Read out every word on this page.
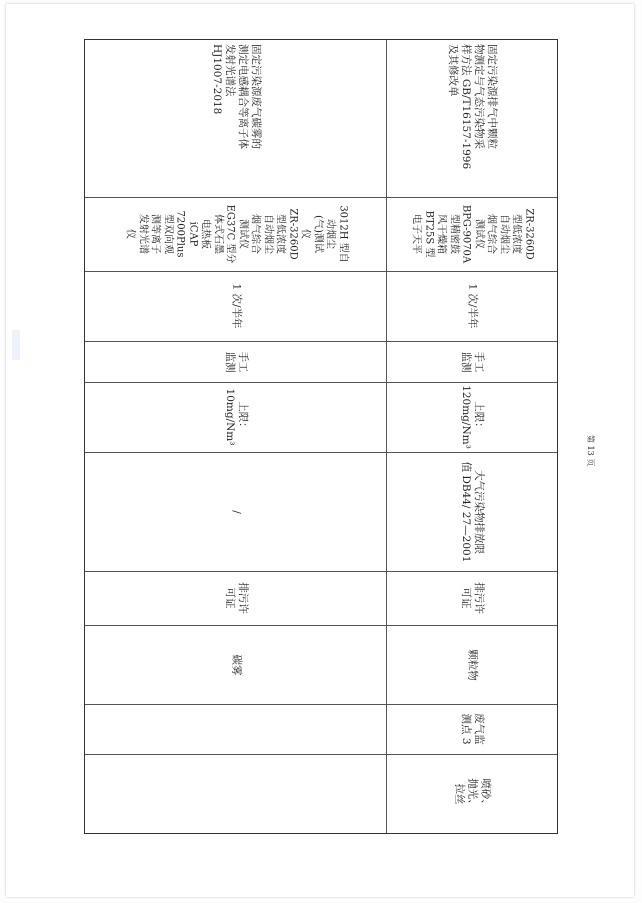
固定污染源废气碳雾的
测定电感耦合等离子体
发射光谱法
HJ1007-2018
3012H 型自
动烟尘
(气)测试
仪
ZR-3260D
型低浓度
自动烟尘
烟气综合
测试仪
EG37C 型分
体式石墨
电热板
iCAP
7200Plus
型双向观
测等离子
发射光谱
仪
1 次/半年
手工
监测
上限：
10mg/Nm³
/
排污许
可证
碳雾
固定污染源排气中颗粒
物测定与气态污染物采
样方法 GB/T16157-1996
及其修改单
ZR-3260D
型低浓度
自动烟尘
烟气综合
测试仪
BPG-9070A
型精密鼓
风干燥箱
BT25S 型
电子天平
1 次/半年
手工
监测
上限：
120mg/Nm³
大气污染物排放限
值 DB44/ 27—2001
排污许
可证
颗粒物
废气监
测点 3
喷砂、
抛光、
拉丝
第 13 页
